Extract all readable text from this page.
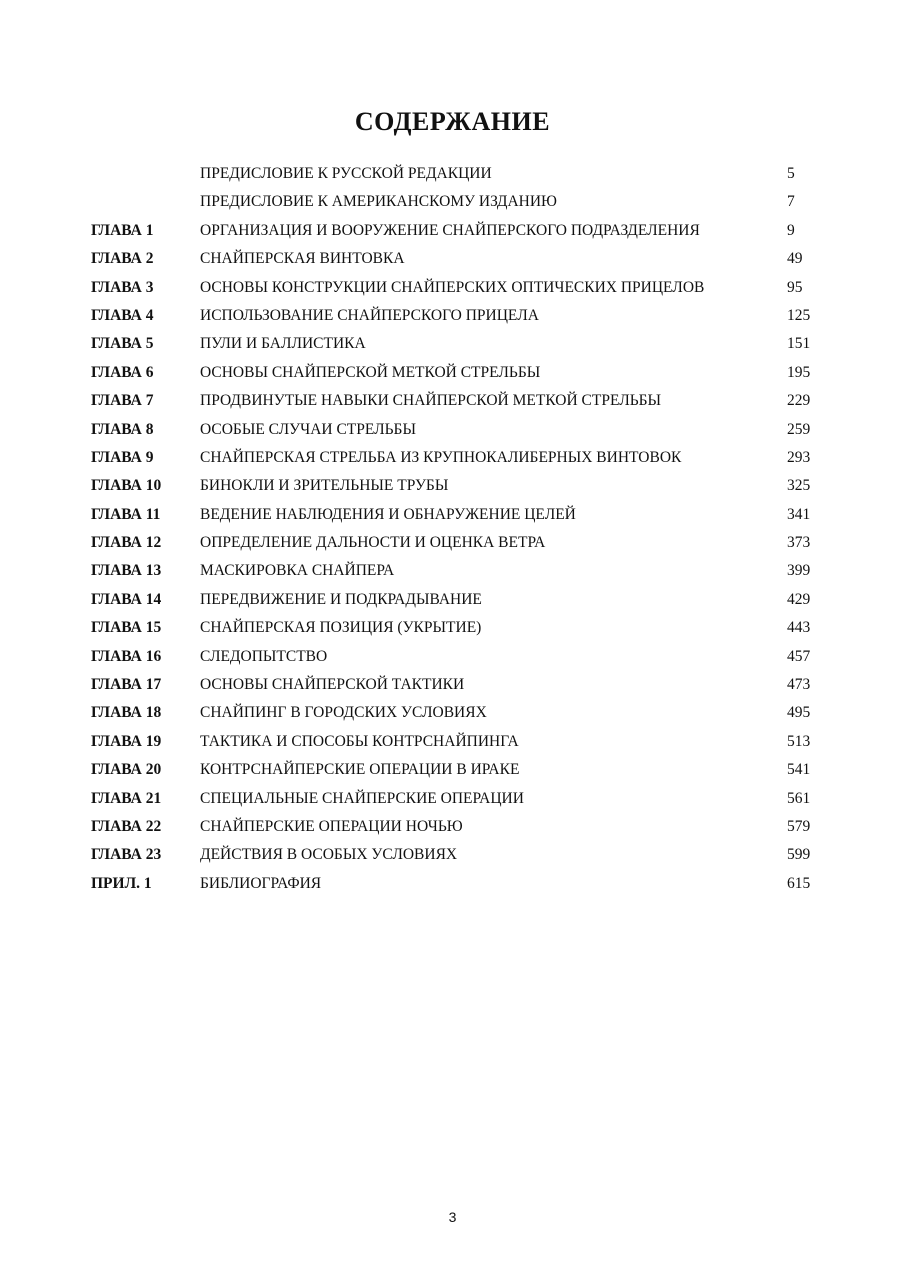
СОДЕРЖАНИЕ
ПРЕДИСЛОВИЕ К РУССКОЙ РЕДАКЦИИ	5
ПРЕДИСЛОВИЕ К АМЕРИКАНСКОМУ ИЗДАНИЮ	7
ГЛАВА 1	ОРГАНИЗАЦИЯ И ВООРУЖЕНИЕ СНАЙПЕРСКОГО ПОДРАЗДЕЛЕНИЯ	9
ГЛАВА 2	СНАЙПЕРСКАЯ ВИНТОВКА	49
ГЛАВА 3	ОСНОВЫ КОНСТРУКЦИИ СНАЙПЕРСКИХ ОПТИЧЕСКИХ ПРИЦЕЛОВ	95
ГЛАВА 4	ИСПОЛЬЗОВАНИЕ СНАЙПЕРСКОГО ПРИЦЕЛА	125
ГЛАВА 5	ПУЛИ И БАЛЛИСТИКА	151
ГЛАВА 6	ОСНОВЫ СНАЙПЕРСКОЙ МЕТКОЙ СТРЕЛЬБЫ	195
ГЛАВА 7	ПРОДВИНУТЫЕ НАВЫКИ СНАЙПЕРСКОЙ МЕТКОЙ СТРЕЛЬБЫ	229
ГЛАВА 8	ОСОБЫЕ СЛУЧАИ СТРЕЛЬБЫ	259
ГЛАВА 9	СНАЙПЕРСКАЯ СТРЕЛЬБА ИЗ КРУПНОКАЛИБЕРНЫХ ВИНТОВОК	293
ГЛАВА 10	БИНОКЛИ И ЗРИТЕЛЬНЫЕ ТРУБЫ	325
ГЛАВА 11	ВЕДЕНИЕ НАБЛЮДЕНИЯ И ОБНАРУЖЕНИЕ ЦЕЛЕЙ	341
ГЛАВА 12	ОПРЕДЕЛЕНИЕ ДАЛЬНОСТИ И ОЦЕНКА ВЕТРА	373
ГЛАВА 13	МАСКИРОВКА СНАЙПЕРА	399
ГЛАВА 14	ПЕРЕДВИЖЕНИЕ И ПОДКРАДЫВАНИЕ	429
ГЛАВА 15	СНАЙПЕРСКАЯ ПОЗИЦИЯ (УКРЫТИЕ)	443
ГЛАВА 16	СЛЕДОПЫТСТВО	457
ГЛАВА 17	ОСНОВЫ СНАЙПЕРСКОЙ ТАКТИКИ	473
ГЛАВА 18	СНАЙПИНГ В ГОРОДСКИХ УСЛОВИЯХ	495
ГЛАВА 19	ТАКТИКА И СПОСОБЫ КОНТРСНАЙПИНГА	513
ГЛАВА 20	КОНТРСНАЙПЕРСКИЕ ОПЕРАЦИИ В ИРАКЕ	541
ГЛАВА 21	СПЕЦИАЛЬНЫЕ СНАЙПЕРСКИЕ ОПЕРАЦИИ	561
ГЛАВА 22	СНАЙПЕРСКИЕ ОПЕРАЦИИ НОЧЬЮ	579
ГЛАВА 23	ДЕЙСТВИЯ В ОСОБЫХ УСЛОВИЯХ	599
ПРИЛ. 1	БИБЛИОГРАФИЯ	615
3
